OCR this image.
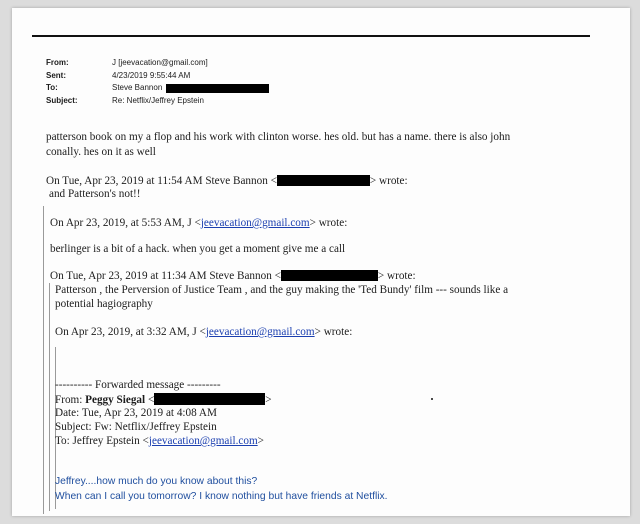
From:	J [jeevacation@gmail.com]
Sent:	4/23/2019 9:55:44 AM
To:	Steve Bannon
Subject:	Re: Netflix/Jeffrey Epstein
patterson book on my a flop and his work with clinton worse. hes old. but has a name. there is also john
conally. hes on it as well
On Tue, Apr 23, 2019 at 11:54 AM Steve Bannon <	> wrote:
and Patterson's not!!
On Apr 23, 2019, at 5:53 AM, J <jeevacation@gmail.com> wrote:
berlinger is a bit of a hack. when you get a moment give me a call
On Tue, Apr 23, 2019 at 11:34 AM Steve Bannon <	> wrote:
Patterson , the Perversion of Justice Team , and the guy making the 'Ted Bundy' film --- sounds like a
potential hagiography
On Apr 23, 2019, at 3:32 AM, J <jeevacation@gmail.com> wrote:
---------- Forwarded message ---------
From: Peggy Siegal <	>
Date: Tue, Apr 23, 2019 at 4:08 AM
Subject: Fw: Netflix/Jeffrey Epstein
To: Jeffrey Epstein <jeevacation@gmail.com>
Jeffrey....how much do you know about this?
When can I call you tomorrow? I know nothing but have friends at Netflix.
